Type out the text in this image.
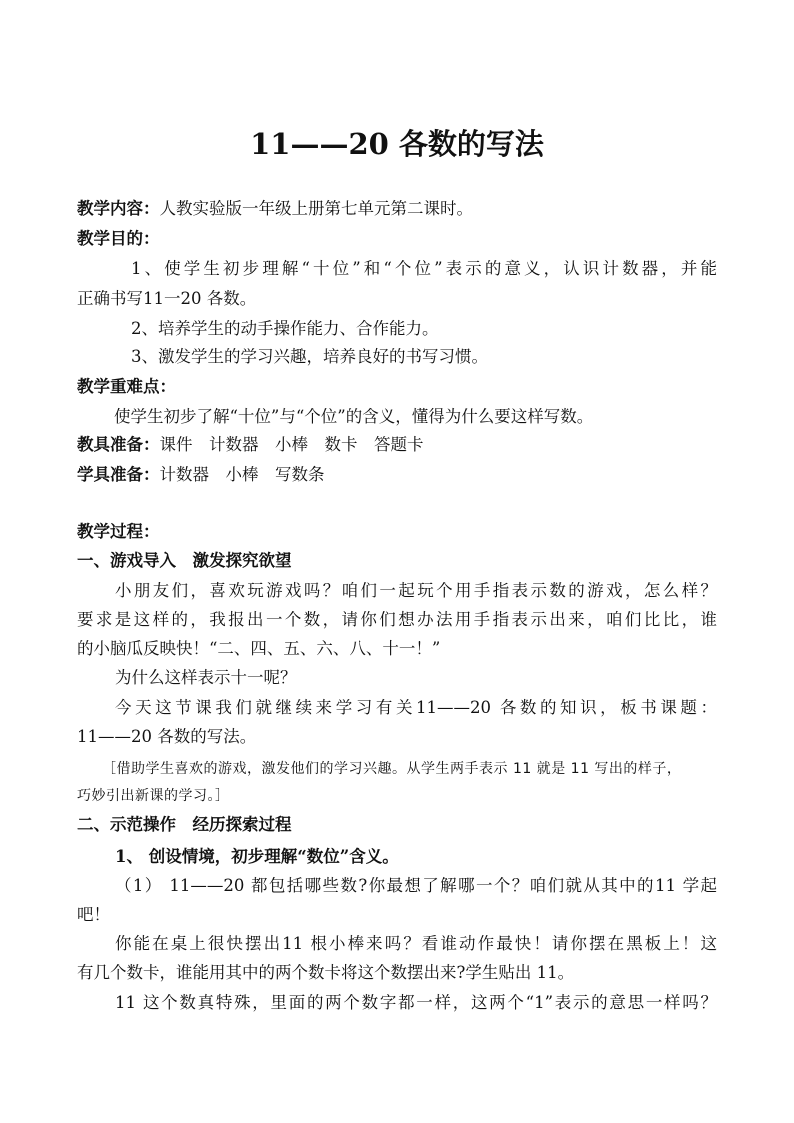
11——20 各数的写法
教学内容：人教实验版一年级上册第七单元第二课时。
教学目的：
1、使学生初步理解“十位”和“个位”表示的意义，认识计数器，并能
正确书写11一20 各数。
2、培养学生的动手操作能力、合作能力。
3、激发学生的学习兴趣，培养良好的书写习惯。
教学重难点：
使学生初步了解“十位”与“个位”的含义，懂得为什么要这样写数。
教具准备：课件　计数器　小棒　数卡　答题卡
学具准备：计数器　小棒　写数条
教学过程：
一、游戏导入　激发探究欲望
小朋友们，喜欢玩游戏吗？咱们一起玩个用手指表示数的游戏，怎么样？
要求是这样的，我报出一个数，请你们想办法用手指表示出来，咱们比比，谁
的小脑瓜反映快！“二、四、五、六、八、十一！”
为什么这样表示十一呢？
今天这节课我们就继续来学习有关11——20 各数的知识，板书课题：
11——20 各数的写法。
［借助学生喜欢的游戏，激发他们的学习兴趣。从学生两手表示 11 就是 11 写出的样子，
巧妙引出新课的学习。］
二、示范操作　经历探索过程
1、 创设情境，初步理解“数位”含义。
（1） 11——20 都包括哪些数?你最想了解哪一个？咱们就从其中的11 学起
吧！
你能在桌上很快摆出11 根小棒来吗？看谁动作最快！请你摆在黑板上！这
有几个数卡，谁能用其中的两个数卡将这个数摆出来?学生贴出 11。
11 这个数真特殊，里面的两个数字都一样，这两个“1”表示的意思一样吗？
